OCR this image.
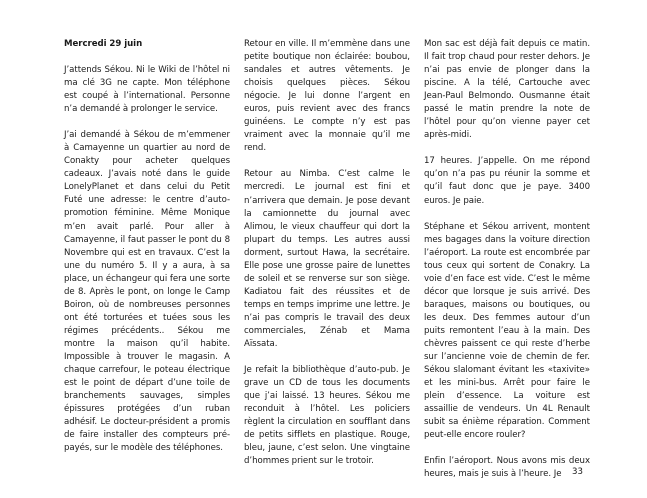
Mercredi 29 juin

J’attends Sékou. Ni le Wiki de l’hôtel ni ma clé 3G ne capte. Mon téléphone est coupé à l’international. Personne n’a demandé à prolonger le service.

J’ai demandé à Sékou de m’emmener à Camayenne un quartier au nord de Conakty pour acheter quelques cadeaux. J’avais noté dans le guide LonelyPlanet et dans celui du Petit Futé une adresse: le centre d’auto-promotion féminine. Même Monique m’en avait parlé. Pour aller à Camayenne, il faut passer le pont du 8 Novembre qui est en travaux. C’est la une du numéro 5. Il y a aura, à sa place, un échangeur qui fera une sorte de 8. Après le pont, on longe le Camp Boiron, où de nombreuses personnes ont été torturées et tuées sous les régimes précédents.. Sékou me montre la maison qu’il habite. Impossible à trouver le magasin. A chaque carrefour, le poteau électrique est le point de départ d’une toile de branchements sauvages, simples épissures protégées d’un ruban adhésif. Le docteur-président a promis de faire installer des compteurs pré-payés, sur le modèle des téléphones.

Retour en ville. Il m’emmène dans une petite boutique non éclairée: boubou, sandales et autres vêtements. Je choisis quelques pièces. Sékou négocie. Je lui donne l’argent en euros, puis revient avec des francs guinéens. Le compte n’y est pas vraiment avec la monnaie qu’il me rend.

Retour au Nimba. C’est calme le mercredi. Le journal est fini et n’arrivera que demain. Je pose devant la camionnette du journal avec Alimou, le vieux chauffeur qui dort la plupart du temps. Les autres aussi dorment, surtout Hawa, la secrétaire. Elle pose une grosse paire de lunettes de soleil et se renverse sur son siège. Kadiatou fait des réussites et de temps en temps imprime une lettre. Je n’ai pas compris le travail des deux commerciales, Zénab et Mama Aïssata.

Je refait la bibliothèque d’auto-pub. Je grave un CD de tous les documents que j’ai laissé. 13 heures. Sékou me reconduit à l’hôtel. Les policiers règlent la circulation en soufflant dans de petits sifflets en plastique. Rouge, bleu, jaune, c’est selon. Une vingtaine d’hommes prient sur le trotoir.

Mon sac est déjà fait depuis ce matin. Il fait trop chaud pour rester dehors. Je n’ai pas envie de plonger dans la piscine. A la télé, Cartouche avec Jean-Paul Belmondo. Ousmanne était passé le matin prendre la note de l’hôtel pour qu’on vienne payer cet après-midi.

17 heures. J’appelle. On me répond qu’on n’a pas pu réunir la somme et qu’il faut donc que je paye. 3400 euros. Je paie.

Stéphane et Sékou arrivent, montent mes bagages dans la voiture direction l’aéroport. La route est encombrée par tous ceux qui sortent de Conakry. La voie d’en face est vide. C’est le même décor que lorsque je suis arrivé. Des baraques, maisons ou boutiques, ou les deux. Des femmes autour d’un puits remontent l’eau à la main. Des chèvres paissent ce qui reste d’herbe sur l’ancienne voie de chemin de fer. Sékou slalomant évitant les «taxivite» et les mini-bus. Arrêt pour faire le plein d’essence. La voiture est assaillie de vendeurs. Un 4L Renault subit sa énième réparation. Comment peut-elle encore rouler?

Enfin l’aéroport. Nous avons mis deux heures, mais je suis à l’heure. Je	33
